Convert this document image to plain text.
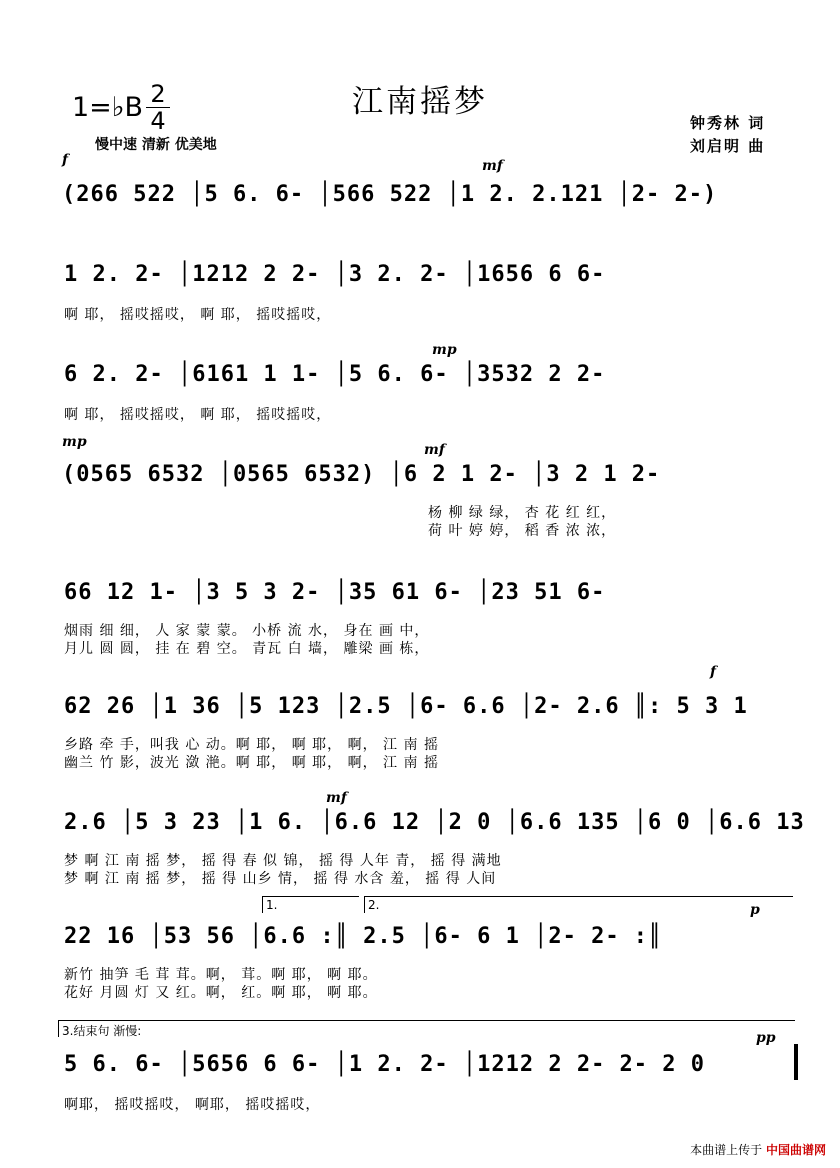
江南摇梦
1=♭B 2
4
慢中速 清新 优美地
钟秀林 词
刘启明 曲
f	mf
(266 522 │5 6. 6- │566 522 │1 2. 2.121 │2- 2-)
1 2. 2- │1212 2 2- │3 2. 2- │1656 6 6-
啊 耶， 摇哎摇哎， 啊 耶， 摇哎摇哎，
mp
6 2. 2- │6161 1 1- │5 6. 6- │3532 2 2-
啊 耶， 摇哎摇哎， 啊 耶， 摇哎摇哎，
mp	mf
(0565 6532 │0565 6532) │6 2 1 2- │3 2 1 2-
杨 柳 绿 绿， 杏 花 红 红，
荷 叶 婷 婷， 稻 香 浓 浓，
66 12 1- │3 5 3 2- │35 61 6- │23 51 6-
烟雨 细 细， 人 家 蒙 蒙。 小桥 流 水， 身在 画 中，
月儿 圆 圆， 挂 在 碧 空。 青瓦 白 墙， 雕梁 画 栋，
f
62 26 │1 36 │5 123 │2.5 │6- 6.6 │2- 2.6 ║: 5 3 1
乡路 牵 手，叫我 心 动。啊 耶， 啊 耶， 啊， 江 南 摇
幽兰 竹 影，波光 潋 滟。啊 耶， 啊 耶， 啊， 江 南 摇
mf
2.6 │5 3 23 │1 6. │6.6 12 │2 0 │6.6 135 │6 0 │6.6 13
梦 啊 江 南 摇 梦， 摇 得 春 似 锦， 摇 得 人年 青， 摇 得 满地
梦 啊 江 南 摇 梦， 摇 得 山乡 情， 摇 得 水含 羞， 摇 得 人间
1.	2.	p
22 16 │53 56 │6.6 :║ 2.5 │6- 6 1 │2- 2- :║
新竹 抽笋 毛 茸 茸。啊， 茸。啊 耶， 啊 耶。
花好 月圆 灯 又 红。啊， 红。啊 耶， 啊 耶。
3.结束句 渐慢:	pp
5 6. 6- │5656 6 6- │1 2. 2- │1212 2 2- 2- 2 0
啊耶， 摇哎摇哎， 啊耶， 摇哎摇哎，
本曲谱上传于 中国曲谱网
